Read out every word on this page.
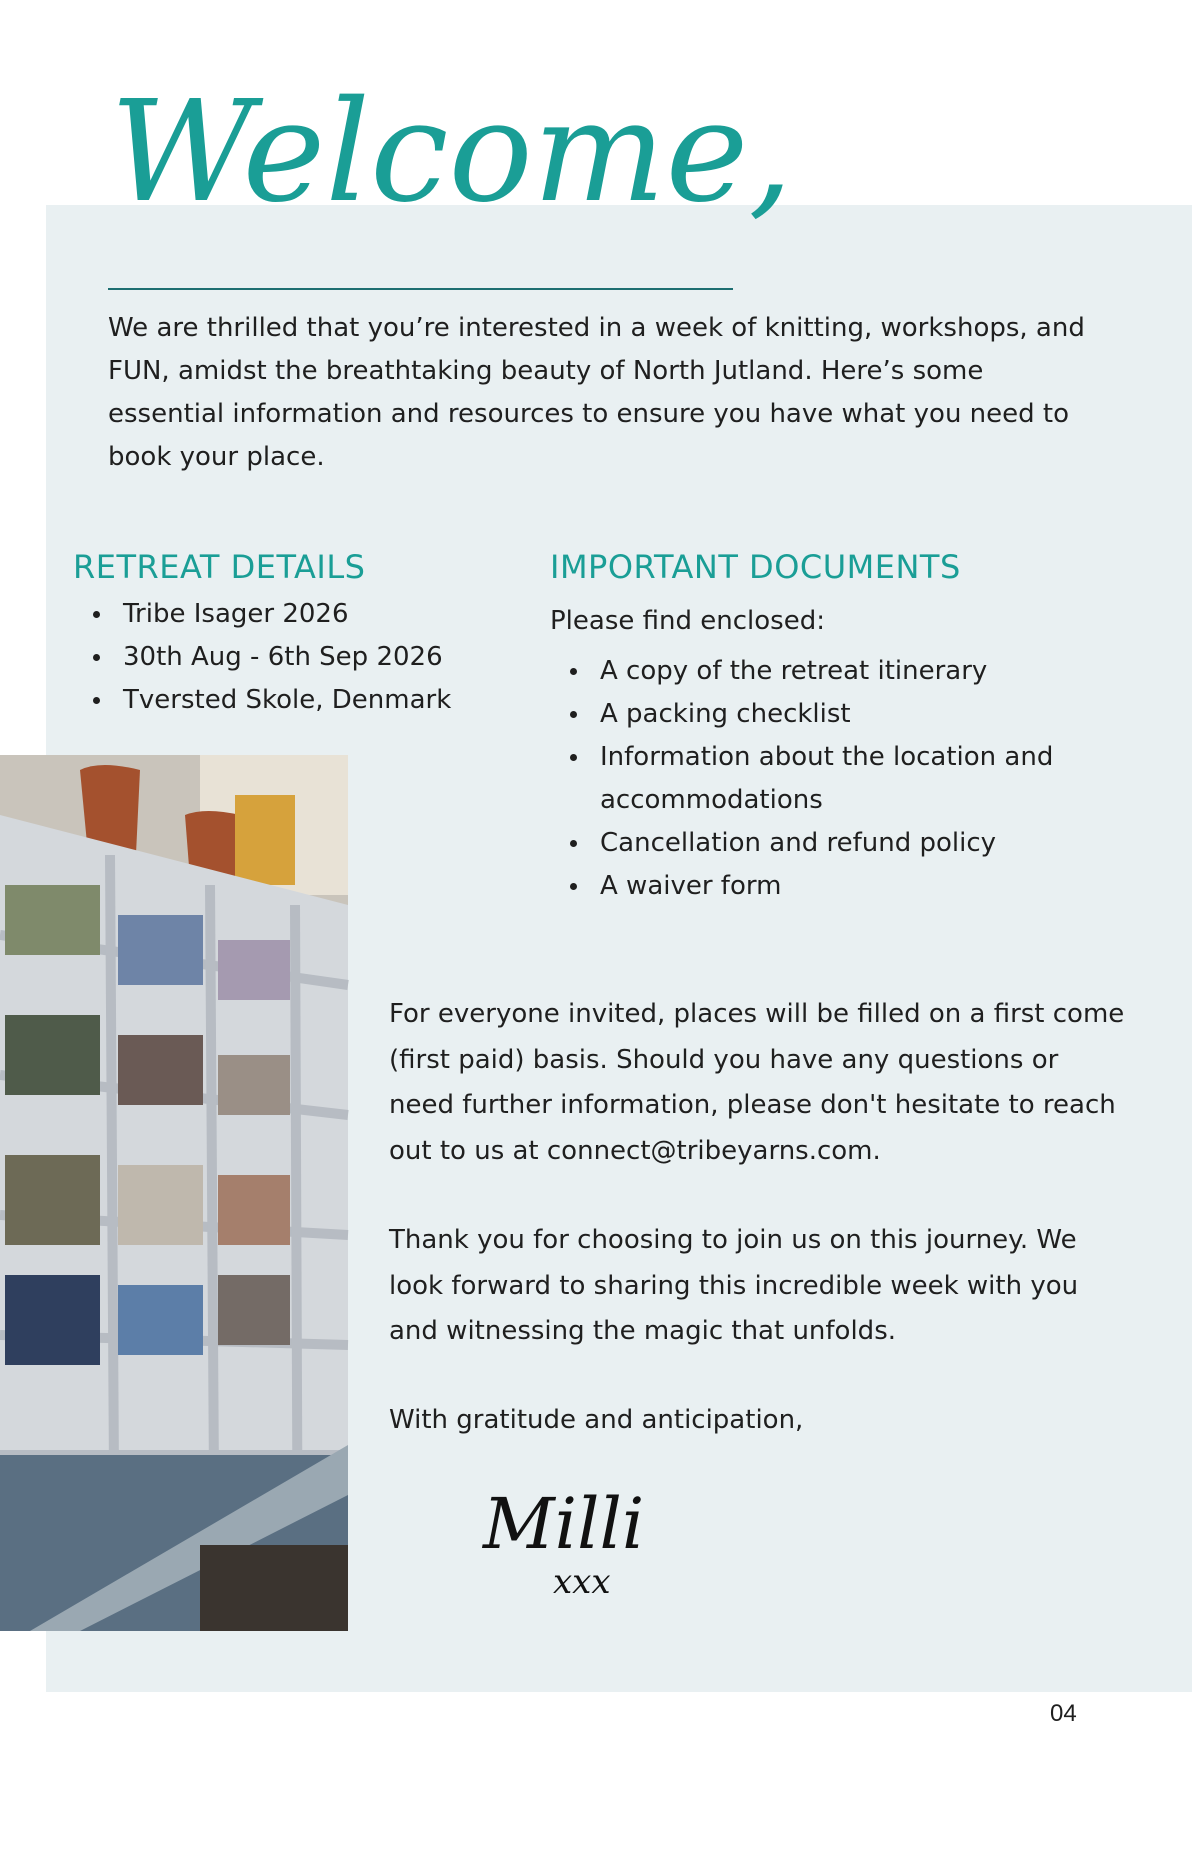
Welcome,

We are thrilled that you’re interested in a week of knitting, workshops, and FUN, amidst the breathtaking beauty of North Jutland. Here’s some essential information and resources to ensure you have what you need to book your place.

RETREAT DETAILS
Tribe Isager 2026
30th Aug - 6th Sep 2026
Tversted Skole, Denmark
IMPORTANT DOCUMENTS

Please find enclosed:

A copy of the retreat itinerary
A packing checklist
Information about the location and accommodations
Cancellation and refund policy
A waiver form

For everyone invited, places will be filled on a first come (first paid) basis. Should you have any questions or need further information, please don't hesitate to reach out to us at connect@tribeyarns.com.

Thank you for choosing to join us on this journey. We look forward to sharing this incredible week with you and witnessing the magic that unfolds.

With gratitude and anticipation,

Milli
xxx

04
